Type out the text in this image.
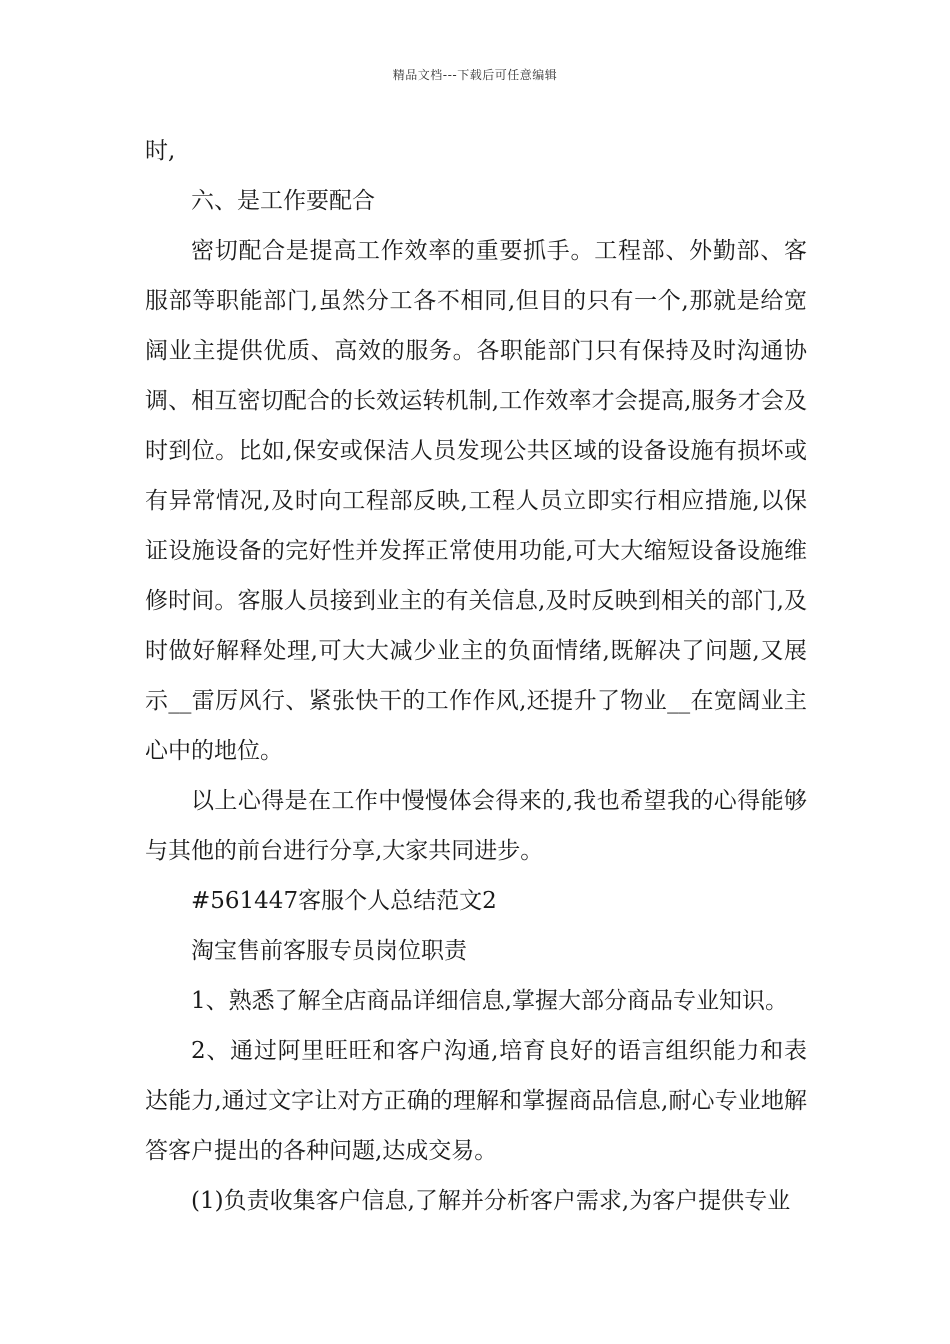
精品文档---下载后可任意编辑

时,

六、是工作要配合

密切配合是提高工作效率的重要抓手。工程部、外勤部、客服部等职能部门,虽然分工各不相同,但目的只有一个,那就是给宽阔业主提供优质、高效的服务。各职能部门只有保持及时沟通协调、相互密切配合的长效运转机制,工作效率才会提高,服务才会及时到位。比如,保安或保洁人员发现公共区域的设备设施有损坏或有异常情况,及时向工程部反映,工程人员立即实行相应措施,以保证设施设备的完好性并发挥正常使用功能,可大大缩短设备设施维修时间。客服人员接到业主的有关信息,及时反映到相关的部门,及时做好解释处理,可大大减少业主的负面情绪,既解决了问题,又展示__雷厉风行、紧张快干的工作作风,还提升了物业__在宽阔业主心中的地位。

以上心得是在工作中慢慢体会得来的,我也希望我的心得能够与其他的前台进行分享,大家共同进步。

#561447客服个人总结范文2

淘宝售前客服专员岗位职责

1、熟悉了解全店商品详细信息,掌握大部分商品专业知识。

2、通过阿里旺旺和客户沟通,培育良好的语言组织能力和表达能力,通过文字让对方正确的理解和掌握商品信息,耐心专业地解答客户提出的各种问题,达成交易。

(1)负责收集客户信息,了解并分析客户需求,为客户提供专业
